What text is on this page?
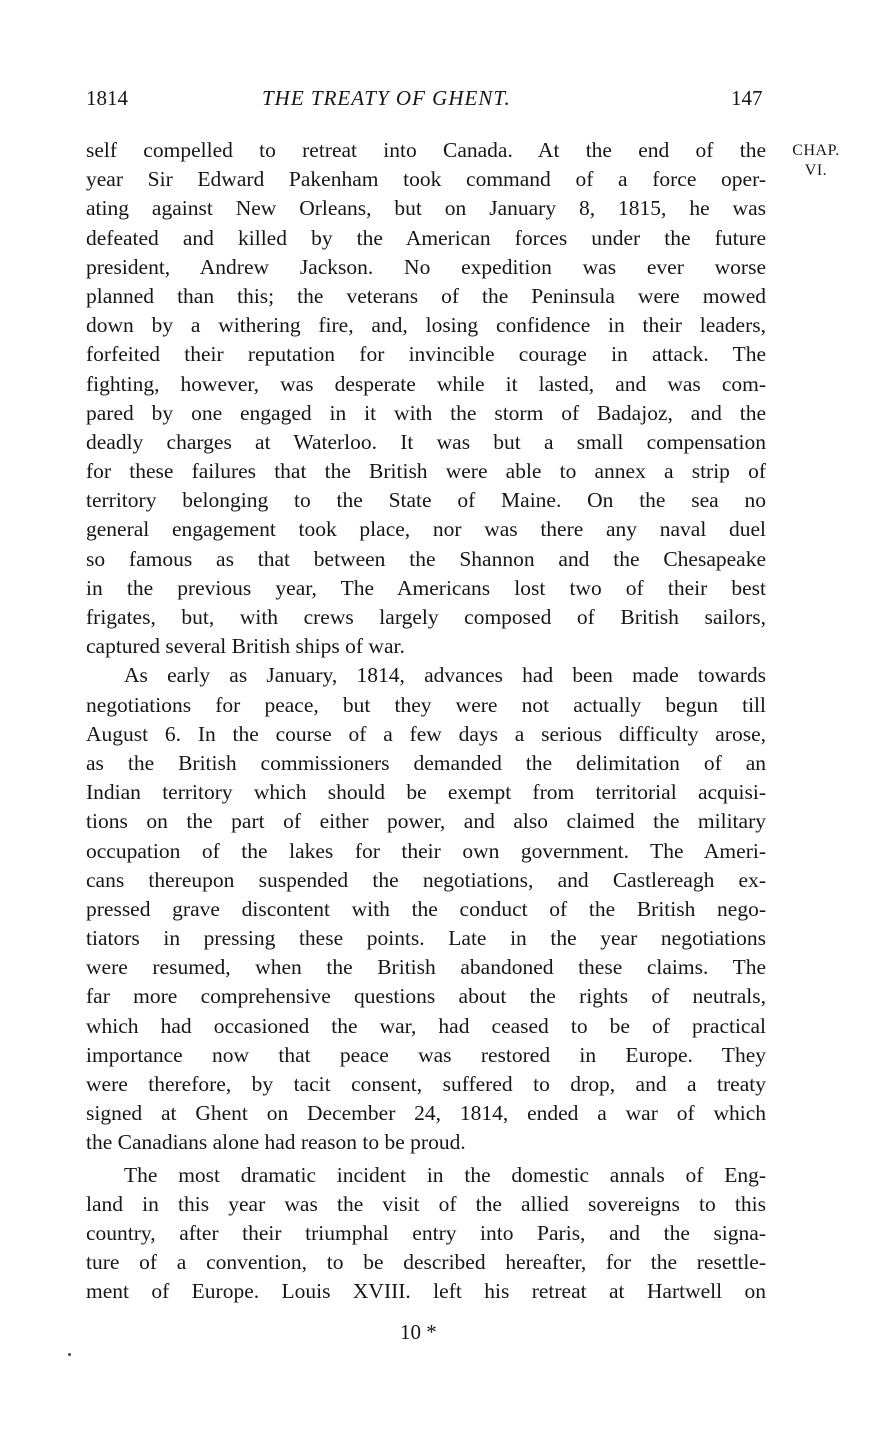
1814	THE TREATY OF GHENT.	147
CHAP.
VI.
self compelled to retreat into Canada. At the end of the
year Sir Edward Pakenham took command of a force oper-
ating against New Orleans, but on January 8, 1815, he was
defeated and killed by the American forces under the future
president, Andrew Jackson. No expedition was ever worse
planned than this; the veterans of the Peninsula were mowed
down by a withering fire, and, losing confidence in their leaders,
forfeited their reputation for invincible courage in attack. The
fighting, however, was desperate while it lasted, and was com-
pared by one engaged in it with the storm of Badajoz, and the
deadly charges at Waterloo. It was but a small compensation
for these failures that the British were able to annex a strip of
territory belonging to the State of Maine. On the sea no
general engagement took place, nor was there any naval duel
so famous as that between the Shannon and the Chesapeake
in the previous year, The Americans lost two of their best
frigates, but, with crews largely composed of British sailors,
captured several British ships of war.
As early as January, 1814, advances had been made towards
negotiations for peace, but they were not actually begun till
August 6. In the course of a few days a serious difficulty arose,
as the British commissioners demanded the delimitation of an
Indian territory which should be exempt from territorial acquisi-
tions on the part of either power, and also claimed the military
occupation of the lakes for their own government. The Ameri-
cans thereupon suspended the negotiations, and Castlereagh ex-
pressed grave discontent with the conduct of the British nego-
tiators in pressing these points. Late in the year negotiations
were resumed, when the British abandoned these claims. The
far more comprehensive questions about the rights of neutrals,
which had occasioned the war, had ceased to be of practical
importance now that peace was restored in Europe. They
were therefore, by tacit consent, suffered to drop, and a treaty
signed at Ghent on December 24, 1814, ended a war of which
the Canadians alone had reason to be proud.
The most dramatic incident in the domestic annals of Eng-
land in this year was the visit of the allied sovereigns to this
country, after their triumphal entry into Paris, and the signa-
ture of a convention, to be described hereafter, for the resettle-
ment of Europe. Louis XVIII. left his retreat at Hartwell on
10 *
